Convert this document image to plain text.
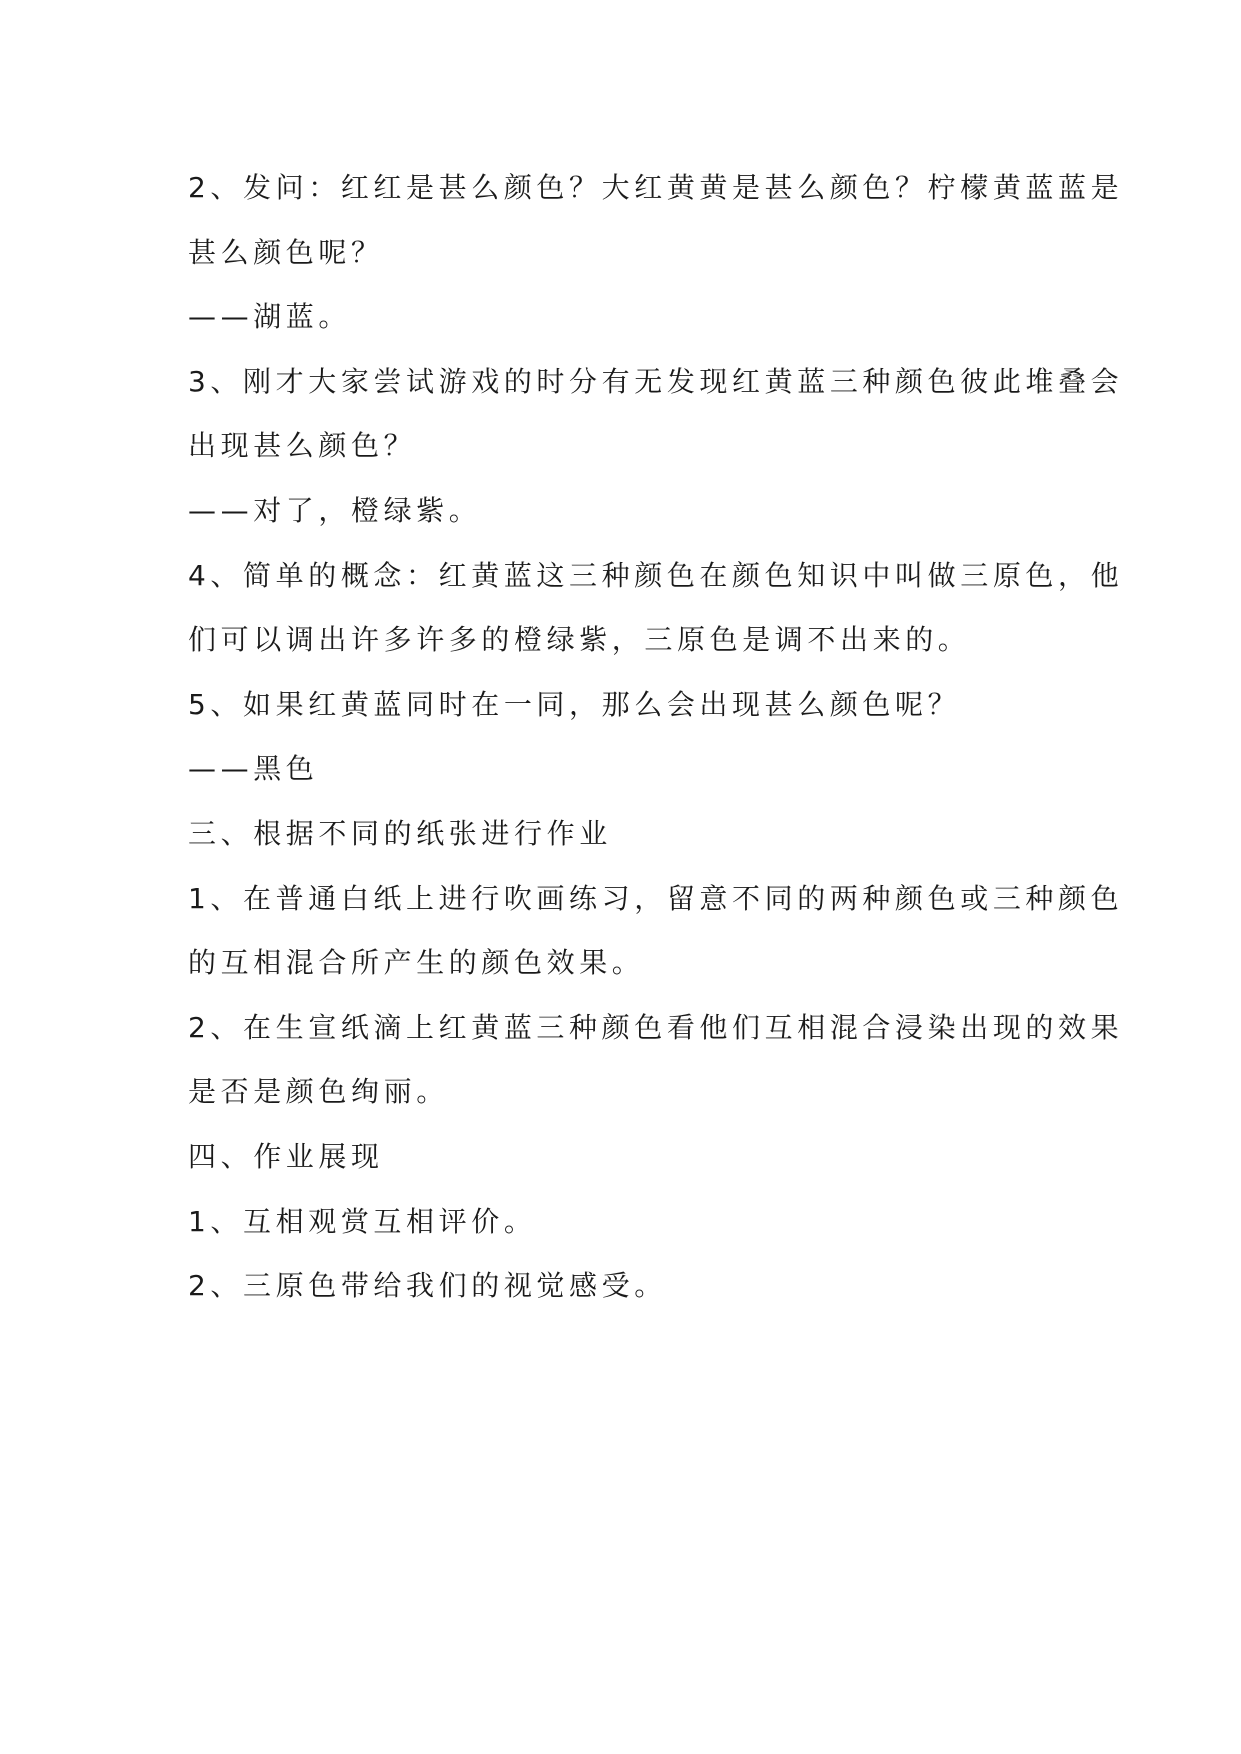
2、发问：红红是甚么颜色？大红黄黄是甚么颜色？柠檬黄蓝蓝是
甚么颜色呢？
——湖蓝。
3、刚才大家尝试游戏的时分有无发现红黄蓝三种颜色彼此堆叠会
出现甚么颜色？
——对了，橙绿紫。
4、简单的概念：红黄蓝这三种颜色在颜色知识中叫做三原色，他
们可以调出许多许多的橙绿紫，三原色是调不出来的。
5、如果红黄蓝同时在一同，那么会出现甚么颜色呢？
——黑色
三、根据不同的纸张进行作业
1、在普通白纸上进行吹画练习，留意不同的两种颜色或三种颜色
的互相混合所产生的颜色效果。
2、在生宣纸滴上红黄蓝三种颜色看他们互相混合浸染出现的效果
是否是颜色绚丽。
四、作业展现
1、互相观赏互相评价。
2、三原色带给我们的视觉感受。
